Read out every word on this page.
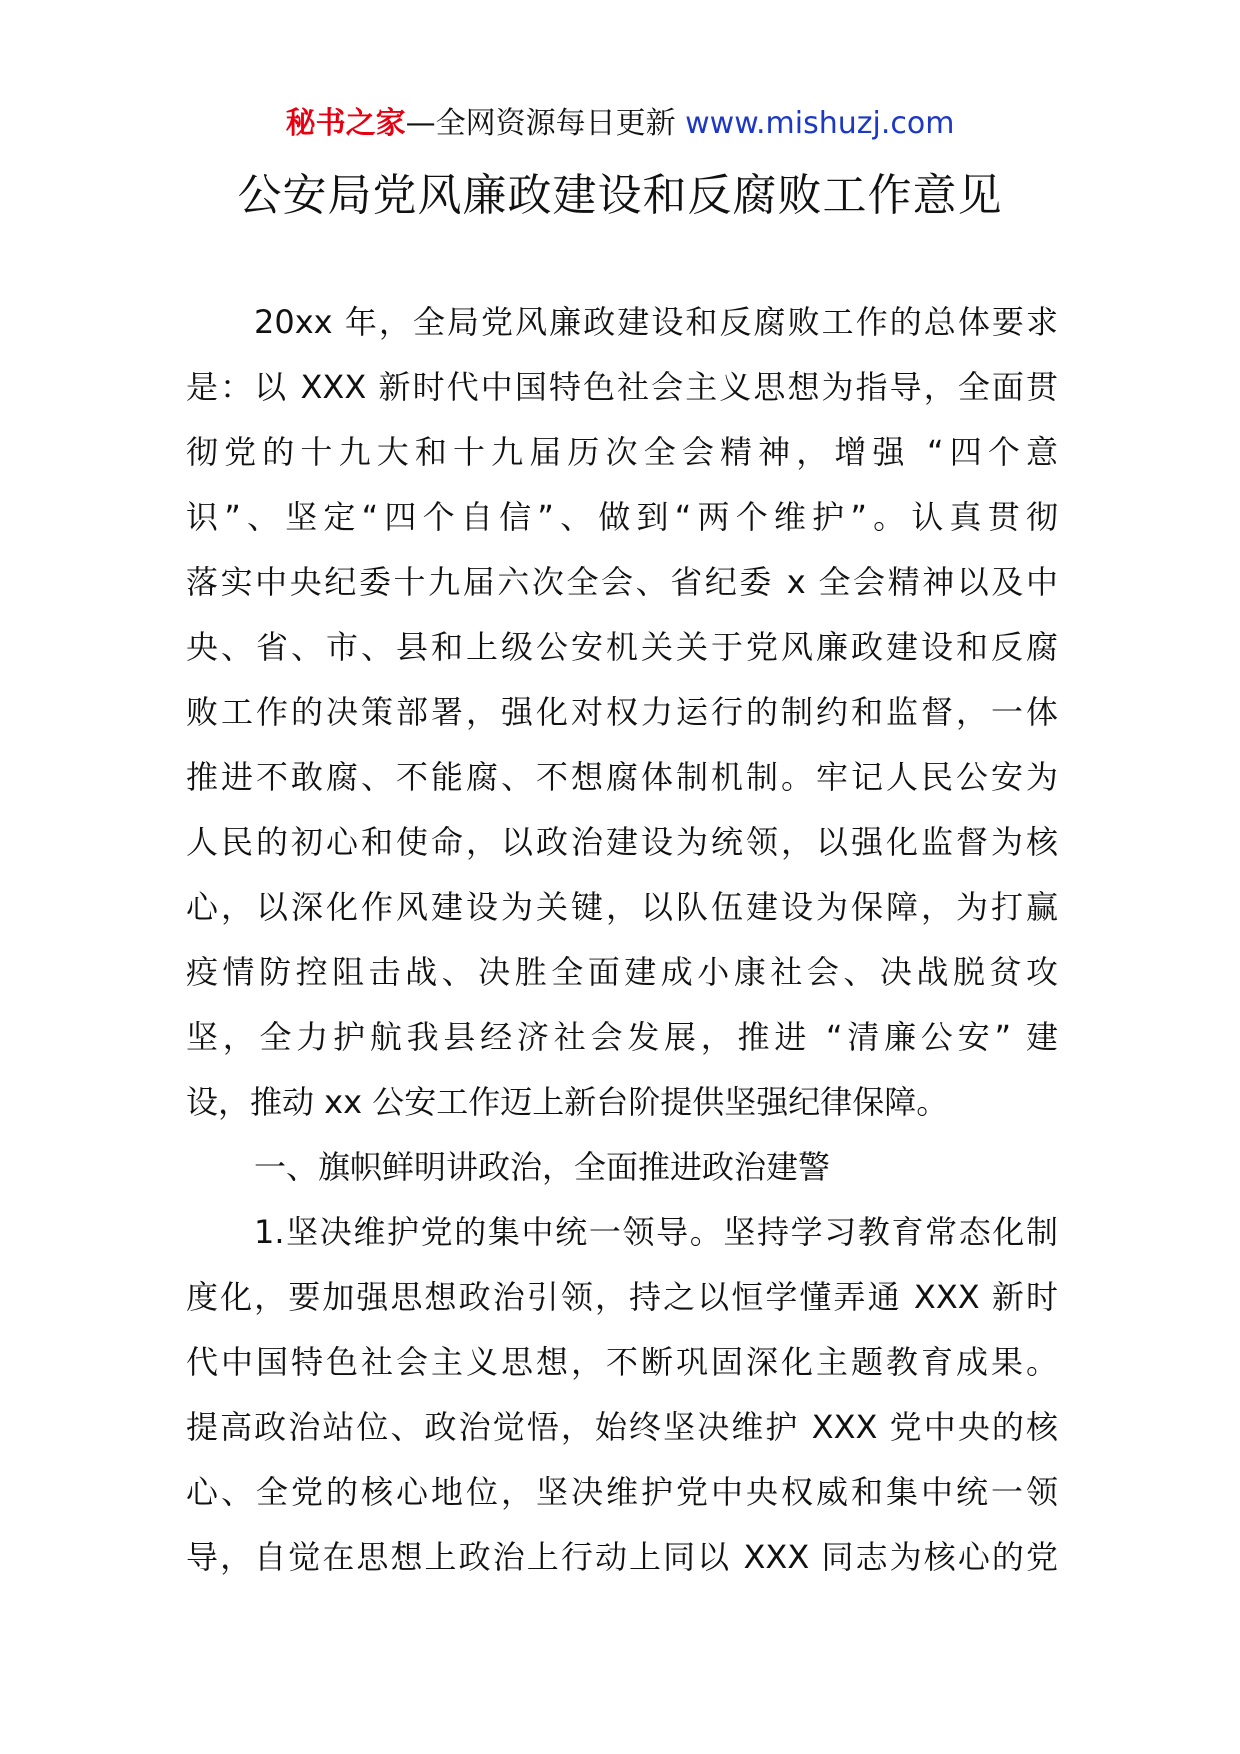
秘书之家—全网资源每日更新 www.mishuzj.com
公安局党风廉政建设和反腐败工作意见
20xx 年，全局党风廉政建设和反腐败工作的总体要求
是：以 XXX 新时代中国特色社会主义思想为指导，全面贯
彻党的十九大和十九届历次全会精神，增强 “四个意
识”、坚定“四个自信”、做到“两个维护”。认真贯彻
落实中央纪委十九届六次全会、省纪委 x 全会精神以及中
央、省、市、县和上级公安机关关于党风廉政建设和反腐
败工作的决策部署，强化对权力运行的制约和监督，一体
推进不敢腐、不能腐、不想腐体制机制。牢记人民公安为
人民的初心和使命，以政治建设为统领，以强化监督为核
心，以深化作风建设为关键，以队伍建设为保障，为打赢
疫情防控阻击战、决胜全面建成小康社会、决战脱贫攻
坚，全力护航我县经济社会发展，推进 “清廉公安” 建
设，推动 xx 公安工作迈上新台阶提供坚强纪律保障。
一、旗帜鲜明讲政治，全面推进政治建警
1.坚决维护党的集中统一领导。坚持学习教育常态化制
度化，要加强思想政治引领，持之以恒学懂弄通 XXX 新时
代中国特色社会主义思想，不断巩固深化主题教育成果。
提高政治站位、政治觉悟，始终坚决维护 XXX 党中央的核
心、全党的核心地位，坚决维护党中央权威和集中统一领
导，自觉在思想上政治上行动上同以 XXX 同志为核心的党
